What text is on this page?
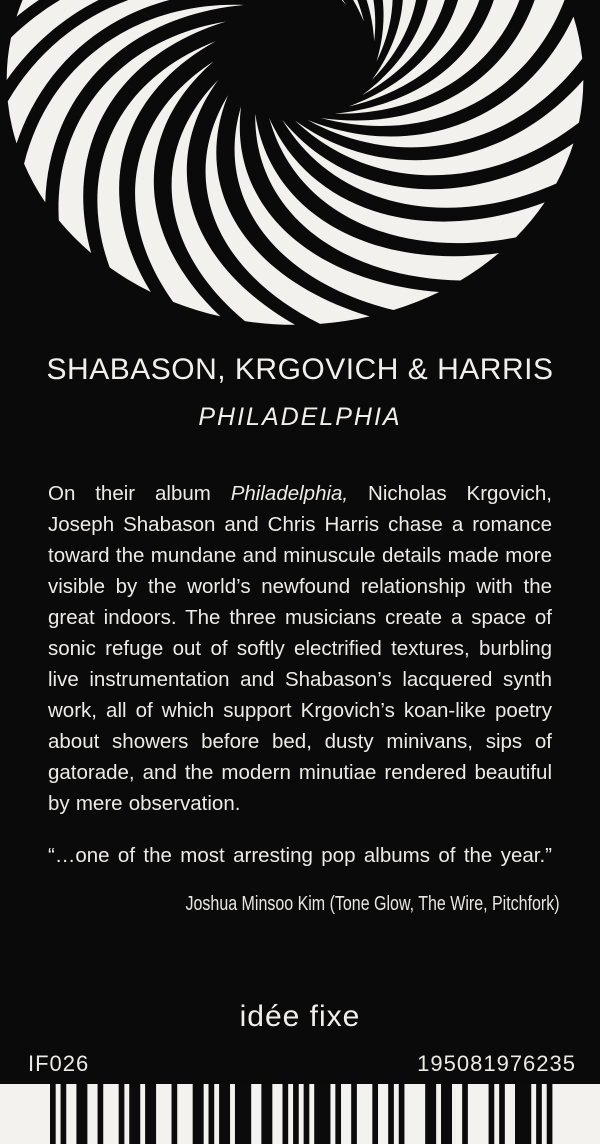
SHABASON, KRGOVICH & HARRIS
PHILADELPHIA
On their album Philadelphia, Nicholas Krgovich,
Joseph Shabason and Chris Harris chase a romance
toward the mundane and minuscule details made more
visible by the world’s newfound relationship with the
great indoors. The three musicians create a space of
sonic refuge out of softly electrified textures, burbling
live instrumentation and Shabason’s lacquered synth
work, all of which support Krgovich’s koan-like poetry
about showers before bed, dusty minivans, sips of
gatorade, and the modern minutiae rendered beautiful
by mere observation.
“…one of the most arresting pop albums of the year.”
Joshua Minsoo Kim (Tone Glow, The Wire, Pitchfork)
idée fixe
IF026	195081976235
